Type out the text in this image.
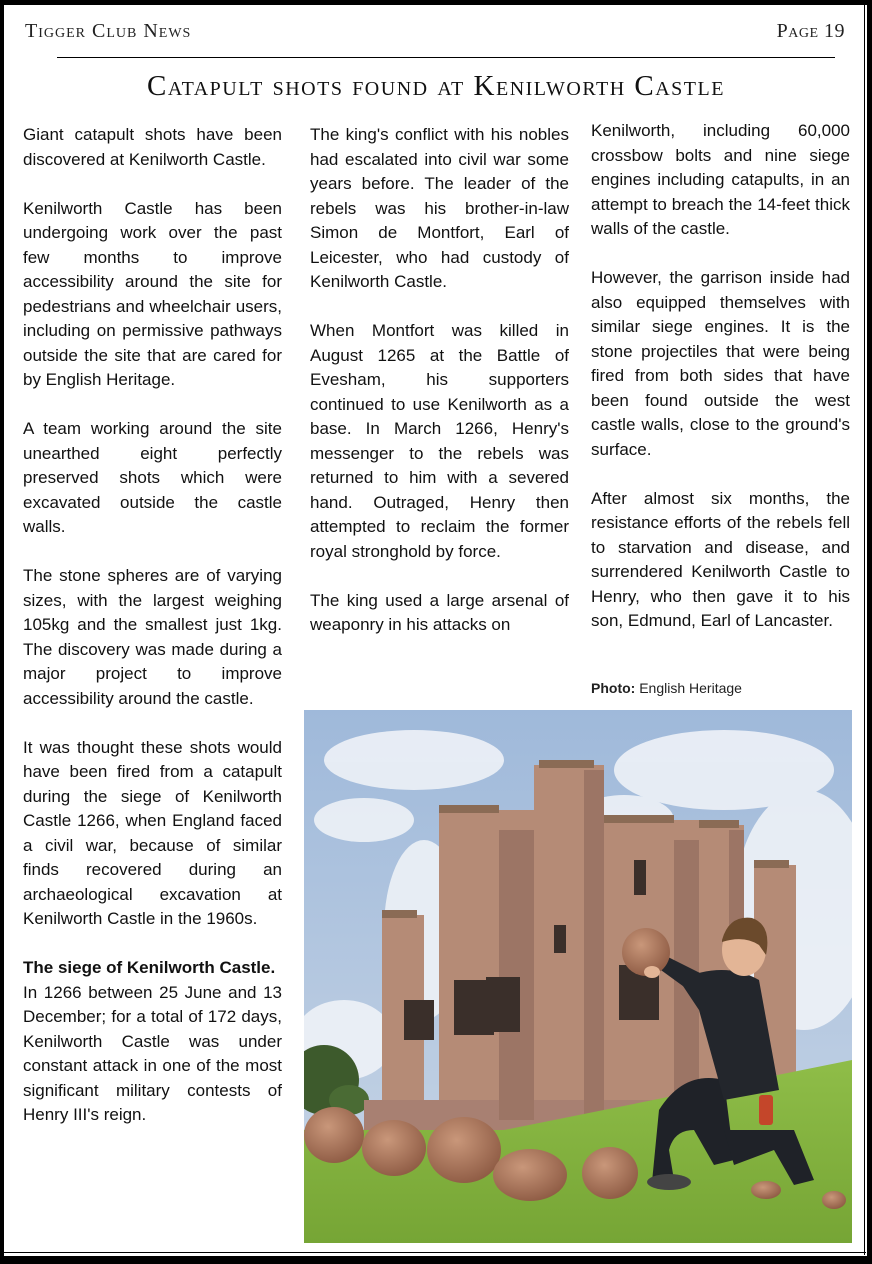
Tigger Club News	Page 19
Catapult shots found at Kenilworth Castle

Giant catapult shots have been discovered at Kenilworth Castle.

Kenilworth Castle has been undergoing work over the past few months to improve accessibility around the site for pedestrians and wheelchair users, including on permissive pathways outside the site that are cared for by English Heritage.

A team working around the site unearthed eight perfectly preserved shots which were excavated outside the castle walls.

The stone spheres are of varying sizes, with the largest weighing 105kg and the smallest just 1kg. The discovery was made during a major project to improve accessibility around the castle.

It was thought these shots would have been fired from a catapult during the siege of Kenilworth Castle 1266, when England faced a civil war, because of similar finds recovered during an archaeological excavation at Kenilworth Castle in the 1960s.

The siege of Kenilworth Castle.
In 1266 between 25 June and 13 December; for a total of 172 days, Kenilworth Castle was under constant attack in one of the most significant military contests of Henry III's reign.

The king's conflict with his nobles had escalated into civil war some years before. The leader of the rebels was his brother-in-law Simon de Montfort, Earl of Leicester, who had custody of Kenilworth Castle.

When Montfort was killed in August 1265 at the Battle of Evesham, his supporters continued to use Kenilworth as a base. In March 1266, Henry's messenger to the rebels was returned to him with a severed hand. Outraged, Henry then attempted to reclaim the former royal stronghold by force.

The king used a large arsenal of weaponry in his attacks on

Kenilworth, including 60,000 crossbow bolts and nine siege engines including catapults, in an attempt to breach the 14-feet thick walls of the castle.

However, the garrison inside had also equipped themselves with similar siege engines. It is the stone projectiles that were being fired from both sides that have been found outside the west castle walls, close to the ground's surface.

After almost six months, the resistance efforts of the rebels fell to starvation and disease, and surrendered Kenilworth Castle to Henry, who then gave it to his son, Edmund, Earl of Lancaster.

Photo: English Heritage
